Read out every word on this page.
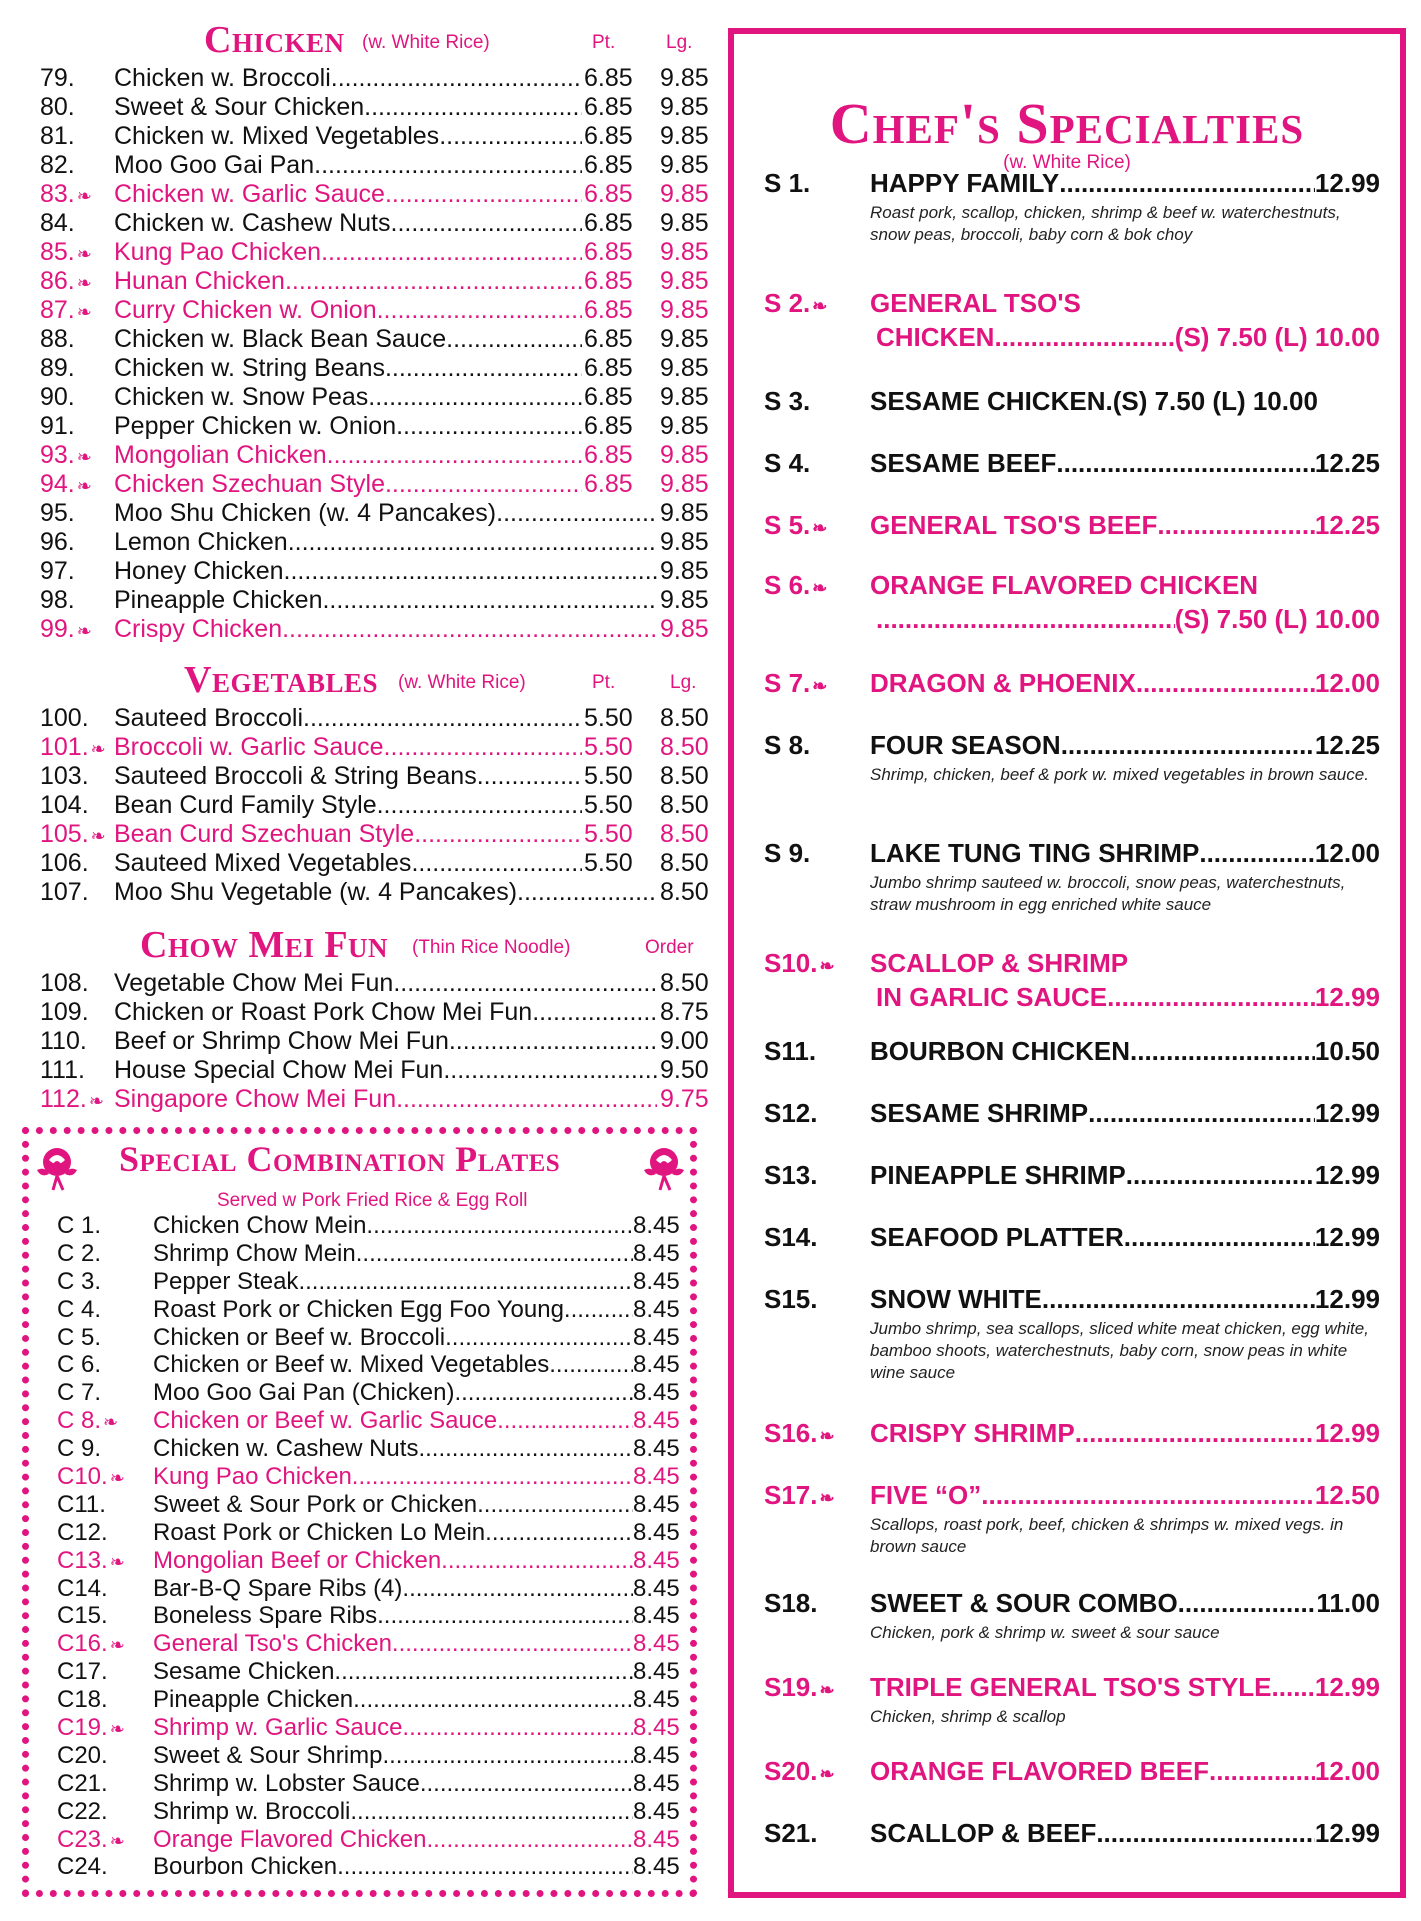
Chicken (w. White Rice)	Pt.	Lg.
79. Chicken w. Broccoli .....	6.85 9.85
80. Sweet & Sour Chicken .....	6.85 9.85
81. Chicken w. Mixed Vegetables .....	6.85 9.85
82. Moo Goo Gai Pan .....	6.85 9.85
83. ❧ Chicken w. Garlic Sauce .....	6.85 9.85
84. Chicken w. Cashew Nuts .....	6.85 9.85
85. ❧ Kung Pao Chicken .....	6.85 9.85
86. ❧ Hunan Chicken .....	6.85 9.85
87. ❧ Curry Chicken w. Onion .....	6.85 9.85
88. Chicken w. Black Bean Sauce .....	6.85 9.85
89. Chicken w. String Beans .....	6.85 9.85
90. Chicken w. Snow Peas .....	6.85 9.85
91. Pepper Chicken w. Onion .....	6.85 9.85
93. ❧ Mongolian Chicken .....	6.85 9.85
94. ❧ Chicken Szechuan Style .....	6.85 9.85
95. Moo Shu Chicken (w. 4 Pancakes) .....	9.85
96. Lemon Chicken .....	9.85
97. Honey Chicken .....	9.85
98. Pineapple Chicken .....	9.85
99. ❧ Crispy Chicken .....	9.85
Vegetables (w. White Rice)	Pt.	Lg.
100. Sauteed Broccoli .....	5.50 8.50
101. ❧ Broccoli w. Garlic Sauce .....	5.50 8.50
103. Sauteed Broccoli & String Beans .....	5.50 8.50
104. Bean Curd Family Style .....	5.50 8.50
105. ❧ Bean Curd Szechuan Style .....	5.50 8.50
106. Sauteed Mixed Vegetables .....	5.50 8.50
107. Moo Shu Vegetable (w. 4 Pancakes) .....	8.50
Chow Mei Fun (Thin Rice Noodle)	Order
108. Vegetable Chow Mei Fun .....	8.50
109. Chicken or Roast Pork Chow Mei Fun .....	8.75
110. Beef or Shrimp Chow Mei Fun .....	9.00
111. House Special Chow Mei Fun .....	9.50
112. ❧ Singapore Chow Mei Fun .....	9.75
Special Combination Plates
Served w Pork Fried Rice & Egg Roll
C 1. Chicken Chow Mein .....	8.45
C 2. Shrimp Chow Mein .....	8.45
C 3. Pepper Steak .....	8.45
C 4. Roast Pork or Chicken Egg Foo Young .....	8.45
C 5. Chicken or Beef w. Broccoli .....	8.45
C 6. Chicken or Beef w. Mixed Vegetables .....	8.45
C 7. Moo Goo Gai Pan (Chicken) .....	8.45
C 8. ❧ Chicken or Beef w. Garlic Sauce .....	8.45
C 9. Chicken w. Cashew Nuts .....	8.45
C10. ❧ Kung Pao Chicken .....	8.45
C11. Sweet & Sour Pork or Chicken .....	8.45
C12. Roast Pork or Chicken Lo Mein .....	8.45
C13. ❧ Mongolian Beef or Chicken .....	8.45
C14. Bar-B-Q Spare Ribs (4) .....	8.45
C15. Boneless Spare Ribs .....	8.45
C16. ❧ General Tso's Chicken .....	8.45
C17. Sesame Chicken .....	8.45
C18. Pineapple Chicken .....	8.45
C19. ❧ Shrimp w. Garlic Sauce .....	8.45
C20. Sweet & Sour Shrimp .....	8.45
C21. Shrimp w. Lobster Sauce .....	8.45
C22. Shrimp w. Broccoli .....	8.45
C23. ❧ Orange Flavored Chicken .....	8.45
C24. Bourbon Chicken .....	8.45
Chef's Specialties
(w. White Rice)
S 1. HAPPY FAMILY .....	12.99
Roast pork, scallop, chicken, shrimp & beef w. waterchestnuts, snow peas, broccoli, baby corn & bok choy
S 2. ❧ GENERAL TSO'S
CHICKEN .....	(S) 7.50 (L) 10.00
S 3. SESAME CHICKEN. (S) 7.50 (L) 10.00
S 4. SESAME BEEF .....	12.25
S 5. ❧ GENERAL TSO'S BEEF .....	12.25
S 6. ❧ ORANGE FLAVORED CHICKEN
.....
(S) 7.50 (L) 10.00
S 7. ❧ DRAGON & PHOENIX .....	12.00
S 8. FOUR SEASON .....	12.25
Shrimp, chicken, beef & pork w. mixed vegetables in brown sauce.
S 9. LAKE TUNG TING SHRIMP .....	12.00
Jumbo shrimp sauteed w. broccoli, snow peas, waterchestnuts, straw mushroom in egg enriched white sauce
S10. ❧ SCALLOP & SHRIMP
IN GARLIC SAUCE .....	12.99
S11. BOURBON CHICKEN .....	10.50
S12. SESAME SHRIMP .....	12.99
S13. PINEAPPLE SHRIMP .....	12.99
S14. SEAFOOD PLATTER .....	12.99
S15. SNOW WHITE .....	12.99
Jumbo shrimp, sea scallops, sliced white meat chicken, egg white, bamboo shoots, waterchestnuts, baby corn, snow peas in white wine sauce
S16. ❧ CRISPY SHRIMP .....	12.99
S17. ❧ FIVE “O” .....	12.50
Scallops, roast pork, beef, chicken & shrimps w. mixed vegs. in brown sauce
S18. SWEET & SOUR COMBO .....	11.00
Chicken, pork & shrimp w. sweet & sour sauce
S19. ❧ TRIPLE GENERAL TSO'S STYLE ..... 12.99
Chicken, shrimp & scallop
S20. ❧ ORANGE FLAVORED BEEF .....	12.00
S21. SCALLOP & BEEF .....	12.99
